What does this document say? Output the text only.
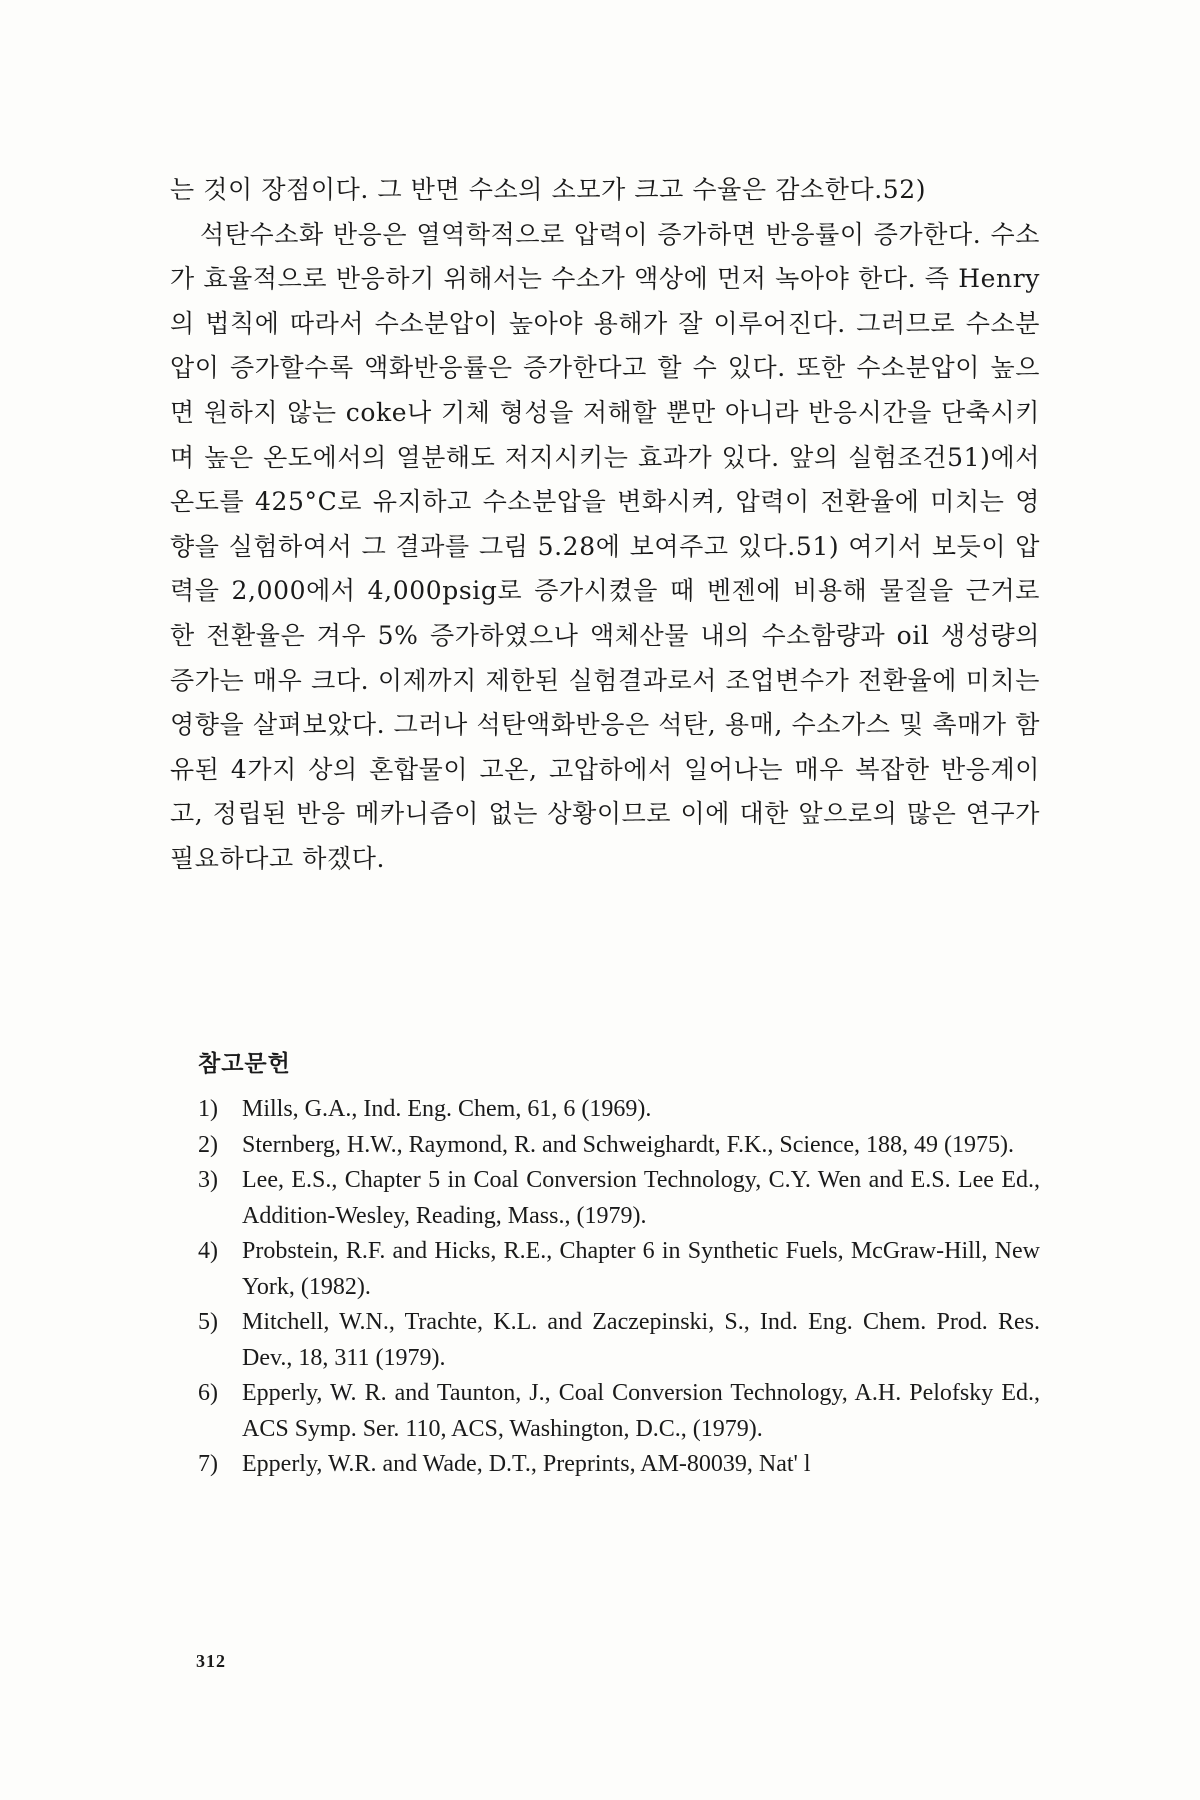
는 것이 장점이다. 그 반면 수소의 소모가 크고 수율은 감소한다.52)

석탄수소화 반응은 열역학적으로 압력이 증가하면 반응률이 증가한다. 수소가 효율적으로 반응하기 위해서는 수소가 액상에 먼저 녹아야 한다. 즉 Henry의 법칙에 따라서 수소분압이 높아야 용해가 잘 이루어진다. 그러므로 수소분압이 증가할수록 액화반응률은 증가한다고 할 수 있다. 또한 수소분압이 높으면 원하지 않는 coke나 기체 형성을 저해할 뿐만 아니라 반응시간을 단축시키며 높은 온도에서의 열분해도 저지시키는 효과가 있다. 앞의 실험조건51)에서 온도를 425°C로 유지하고 수소분압을 변화시켜, 압력이 전환율에 미치는 영향을 실험하여서 그 결과를 그림 5.28에 보여주고 있다.51) 여기서 보듯이 압력을 2,000에서 4,000psig로 증가시켰을 때 벤젠에 비용해 물질을 근거로 한 전환율은 겨우 5% 증가하였으나 액체산물 내의 수소함량과 oil 생성량의 증가는 매우 크다. 이제까지 제한된 실험결과로서 조업변수가 전환율에 미치는 영향을 살펴보았다. 그러나 석탄액화반응은 석탄, 용매, 수소가스 및 촉매가 함유된 4가지 상의 혼합물이 고온, 고압하에서 일어나는 매우 복잡한 반응계이고, 정립된 반응 메카니즘이 없는 상황이므로 이에 대한 앞으로의 많은 연구가 필요하다고 하겠다.

참고문헌
1) Mills, G.A., Ind. Eng. Chem, 61, 6 (1969).
2) Sternberg, H.W., Raymond, R. and Schweighardt, F.K., Science, 188, 49 (1975).
3) Lee, E.S., Chapter 5 in Coal Conversion Technology, C.Y. Wen and E.S. Lee Ed., Addition-Wesley, Reading, Mass., (1979).
4) Probstein, R.F. and Hicks, R.E., Chapter 6 in Synthetic Fuels, McGraw-Hill, New York, (1982).
5) Mitchell, W.N., Trachte, K.L. and Zaczepinski, S., Ind. Eng. Chem. Prod. Res. Dev., 18, 311 (1979).
6) Epperly, W. R. and Taunton, J., Coal Conversion Technology, A.H. Pelofsky Ed., ACS Symp. Ser. 110, ACS, Washington, D.C., (1979).
7) Epperly, W.R. and Wade, D.T., Preprints, AM-80039, Nat' l
312
